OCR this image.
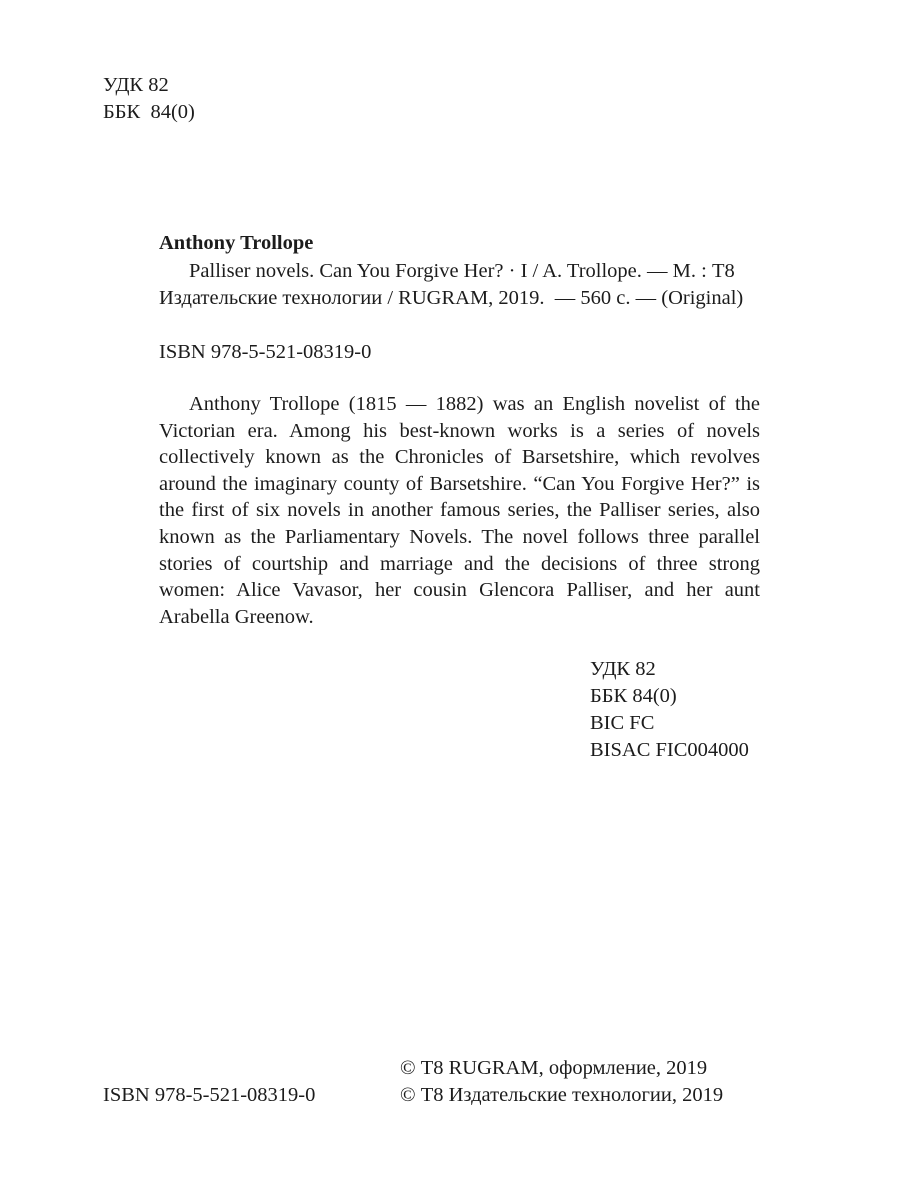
УДК 82
ББК  84(0)
Anthony Trollope
Palliser novels. Can You Forgive Her? · I / A. Trollope. — М. : Т8
Издательские технологии / RUGRAM, 2019.  — 560 с. — (Original)
ISBN 978-5-521-08319-0
Anthony Trollope (1815 — 1882) was an English novelist of the Victorian era. Among his best-known works is a series of novels collectively known as the Chronicles of Barsetshire, which revolves around the imaginary county of Barsetshire. “Can You Forgive Her?” is the first of six novels in another famous series, the Palliser series, also known as the Parliamentary Novels. The novel follows three parallel stories of courtship and marriage and the decisions of three strong women: Alice Vavasor, her cousin Glencora Palliser, and her aunt Arabella Greenow.
УДК 82
ББК 84(0)
BIC FC
BISAC FIC004000
© Т8 RUGRAM, оформление, 2019
© Т8 Издательские технологии, 2019
ISBN 978-5-521-08319-0
